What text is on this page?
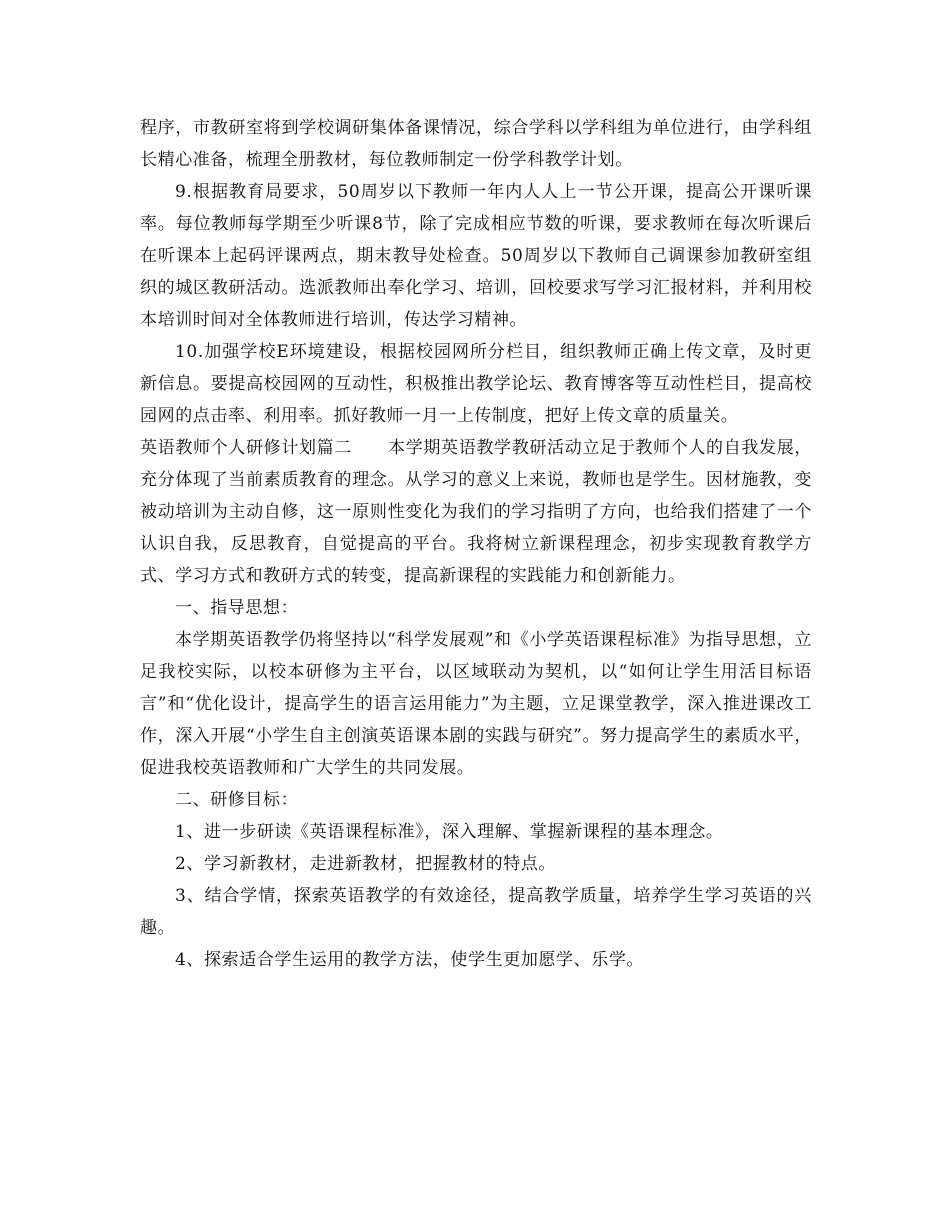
程序，市教研室将到学校调研集体备课情况，综合学科以学科组为单位进行，由学科组长精心准备，梳理全册教材，每位教师制定一份学科教学计划。

9.根据教育局要求，50周岁以下教师一年内人人上一节公开课，提高公开课听课率。每位教师每学期至少听课8节，除了完成相应节数的听课，要求教师在每次听课后在听课本上起码评课两点，期末教导处检查。50周岁以下教师自己调课参加教研室组织的城区教研活动。选派教师出奉化学习、培训，回校要求写学习汇报材料，并利用校本培训时间对全体教师进行培训，传达学习精神。

10.加强学校E环境建设，根据校园网所分栏目，组织教师正确上传文章，及时更新信息。要提高校园网的互动性，积极推出教学论坛、教育博客等互动性栏目，提高校园网的点击率、利用率。抓好教师一月一上传制度，把好上传文章的质量关。

英语教师个人研修计划篇二 本学期英语教学教研活动立足于教师个人的自我发展，充分体现了当前素质教育的理念。从学习的意义上来说，教师也是学生。因材施教，变被动培训为主动自修，这一原则性变化为我们的学习指明了方向，也给我们搭建了一个认识自我，反思教育，自觉提高的平台。我将树立新课程理念，初步实现教育教学方式、学习方式和教研方式的转变，提高新课程的实践能力和创新能力。

一、指导思想：

本学期英语教学仍将坚持以“科学发展观”和《小学英语课程标准》为指导思想，立足我校实际，以校本研修为主平台，以区域联动为契机，以“如何让学生用活目标语言”和“优化设计，提高学生的语言运用能力”为主题，立足课堂教学，深入推进课改工作，深入开展“小学生自主创演英语课本剧的实践与研究”。努力提高学生的素质水平，促进我校英语教师和广大学生的共同发展。

二、研修目标：

1、进一步研读《英语课程标准》，深入理解、掌握新课程的基本理念。

2、学习新教材，走进新教材，把握教材的特点。

3、结合学情，探索英语教学的有效途径，提高教学质量，培养学生学习英语的兴趣。

4、探索适合学生运用的教学方法，使学生更加愿学、乐学。
